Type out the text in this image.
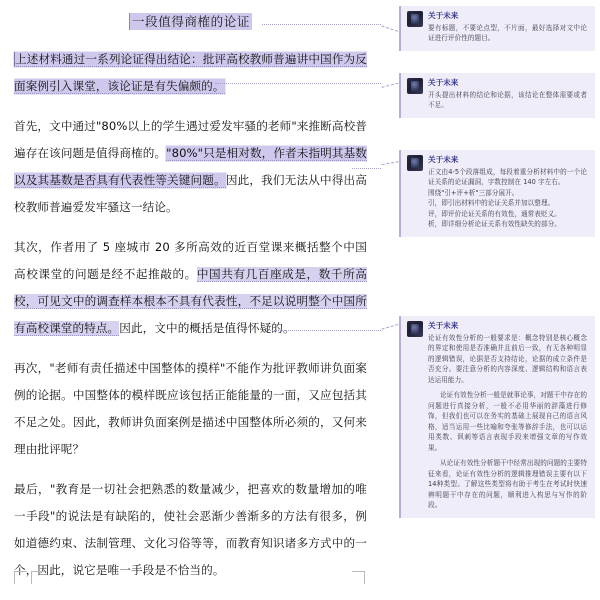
一段值得商榷的论证

上述材料通过一系列论证得出结论：批评高校教师普遍讲中国作为反面案例引入课堂，该论证是有失偏颇的。

首先，文中通过"80%以上的学生遇过爱发牢骚的老师"来推断高校普遍存在该问题是值得商榷的。"80%"只是相对数，作者未指明其基数以及其基数是否具有代表性等关键问题。因此，我们无法从中得出高校教师普遍爱发牢骚这一结论。

其次，作者用了 5 座城市 20 多所高效的近百堂课来概括整个中国高校课堂的问题是经不起推敲的。中国共有几百座成是，数千所高校，可见文中的调查样本根本不具有代表性，不足以说明整个中国所有高校课堂的特点。因此，文中的概括是值得怀疑的。

再次，"老师有责任描述中国整体的摸样"不能作为批评教师讲负面案例的论据。中国整体的模样既应该包括正能能量的一面，又应包括其不足之处。因此，教师讲负面案例是描述中国整体所必须的，又何来理由批评呢？

最后，"教育是一切社会把熟悉的数量减少，把喜欢的数量增加的唯一手段"的说法是有缺陷的，使社会恶渐少善渐多的方法有很多，例如道德约束、法制管理、文化习俗等等，而教育知识诸多方式中的一个，因此，说它是唯一手段是不恰当的。

关于未来
要有标题，不要论点型，不片面，最好选择对文中论证进行评价性的题目。
关于未来
开头提出材料的结论和论据，该结论在整体需要或者不足。
关于未来
正文由4-5个段落组成，每段着重分析材料中的一个论证关系的论证漏洞，字数控制在 140 字左右。
围绕"引+评+析"三部分展开。
引，即引出材料中的论证关系并加以整理。
评，即评价论证关系的有效性，通常表贬义。
析，即详细分析论证关系有效性缺失的部分。
关于未来
论证有效性分析的一般要求是：概念特别是核心概念的界定和使用是否准确并且前后一致，有无各种明显的逻辑错误，论据是否支持结论，论据的成立条件是否充分。要注意分析的内容深度、逻辑结构和语言表达运用能力。
论证有效性分析一般是就事论事，对题干中存在的问题进行真接分析，一般不必用华丽的辞藻进行修饰，但我们也可以在务实的基础上展现自己的语言风格，适当运用一些比喻和夸张等修辞手法，也可以运用类数、讽刺等语言表现手段来增强文章的写作效果。
从论证有效性分析题干中经常出现的问题的主要特征来看，论证有效性分析的逻辑推理错误主要有以下14种类型。了解这些类型将有助于考生在考试时快速辨明题干中存在的问题，顺利进入构思与写作的阶段。
